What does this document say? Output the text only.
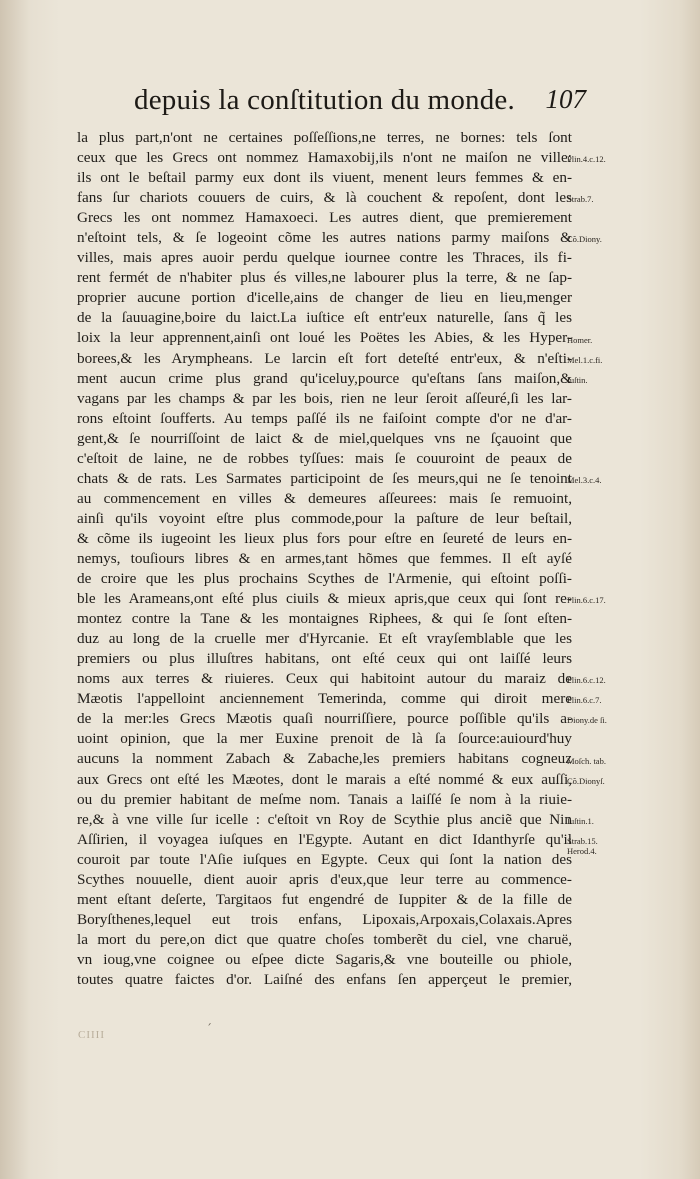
depuis la conſtitution du monde. 107
la plus part,n'ont ne certaines poſſeſſions,ne terres, ne bornes: tels ſont
ceux que les Grecs ont nommez Hamaxobij,ils n'ont ne maiſon ne ville:
ils ont le beſtail parmy eux dont ils viuent, menent leurs femmes & en-
fans ſur chariots couuers de cuirs, & là couchent & repoſent, dont les
Grecs les ont nommez Hamaxoeci. Les autres dient, que premierement
n'eſtoint tels, & ſe logeoint cõme les autres nations parmy maiſons &
villes, mais apres auoir perdu quelque iournee contre les Thraces, ils fi-
rent fermét de n'habiter plus és villes,ne labourer plus la terre, & ne ſap-
proprier aucune portion d'icelle,ains de changer de lieu en lieu,menger
de la ſauuagine,boire du laict.La iuſtice eſt entr'eux naturelle, ſans q̃ les
loix la leur apprennent,ainſi ont loué les Poëtes les Abies, & les Hyper-
borees,& les Arympheans. Le larcin eſt fort deteſté entr'eux, & n'eſti-
ment aucun crime plus grand qu'iceluy,pource qu'eſtans ſans maiſon,&
vagans par les champs & par les bois, rien ne leur ſeroit aſſeuré,ſi les lar-
rons eſtoint ſoufferts. Au temps paſſé ils ne faiſoint compte d'or ne d'ar-
gent,& ſe nourriſſoint de laict & de miel,quelques vns ne ſçauoint que
c'eſtoit de laine, ne de robbes tyſſues: mais ſe couuroint de peaux de
chats & de rats. Les Sarmates participoint de ſes meurs,qui ne ſe tenoint
au commencement en villes & demeures aſſeurees: mais ſe remuoint,
ainſi qu'ils voyoint eſtre plus commode,pour la paſture de leur beſtail,
& cõme ils iugeoint les lieux plus fors pour eſtre en ſeureté de leurs en-
nemys, touſiours libres & en armes,tant hõmes que femmes. Il eſt ayſé
de croire que les plus prochains Scythes de l'Armenie, qui eſtoint poſſi-
ble les Arameans,ont eſté plus ciuils & mieux apris,que ceux qui ſont re-
montez contre la Tane & les montaignes Riphees, & qui ſe ſont eſten-
duz au long de la cruelle mer d'Hyrcanie. Et eſt vrayſemblable que les
premiers ou plus illuſtres habitans, ont eſté ceux qui ont laiſſé leurs
noms aux terres & riuieres. Ceux qui habitoint autour du maraiz de
Mæotis l'appelloint anciennement Temerinda, comme qui diroit mere
de la mer:les Grecs Mæotis quaſi nourriſſiere, pource poſſible qu'ils a-
uoint opinion, que la mer Euxine prenoit de là ſa ſource:auiourd'huy
aucuns la nomment Zabach & Zabache,les premiers habitans cogneuz
aux Grecs ont eſté les Mæotes, dont le marais a eſté nommé & eux auſſi,
ou du premier habitant de meſme nom. Tanais a laiſſé ſe nom à la riuie-
re,& à vne ville ſur icelle : c'eſtoit vn Roy de Scythie plus anciẽ que Nin
Aſſirien, il voyagea iuſques en l'Egypte. Autant en dict Idanthyrſe qu'il
couroit par toute l'Aſie iuſques en Egypte. Ceux qui ſont la nation des
Scythes nouuelle, dient auoir apris d'eux,que leur terre au commence-
ment eſtant deſerte, Targitaos fut engendré de Iuppiter & de la fille de
Boryſthenes,lequel eut trois enfans, Lipoxais,Arpoxais,Colaxais.Apres
la mort du pere,on dict que quatre choſes tomberẽt du ciel, vne charuë,
vn ioug,vne coignee ou eſpee dicte Sagaris,& vne bouteille ou phiole,
toutes quatre faictes d'or. Laiſné des enfans ſen apperçeut le premier,
Plin.4.c.12.
Strab.7.
Cõ.Diony.
Homer.
Mel.1.c.fi.
Iuſtin.
Mel.3.c.4.
Plin.6.c.17.
Plin.6.c.12.
Plin.6.c.7.
Diony.de ſi.
Moſch. tab.
Cõ.Dionyſ.
Iuſtin.1.
Strab.15.
Herod.4.
CIIII	ˊ
